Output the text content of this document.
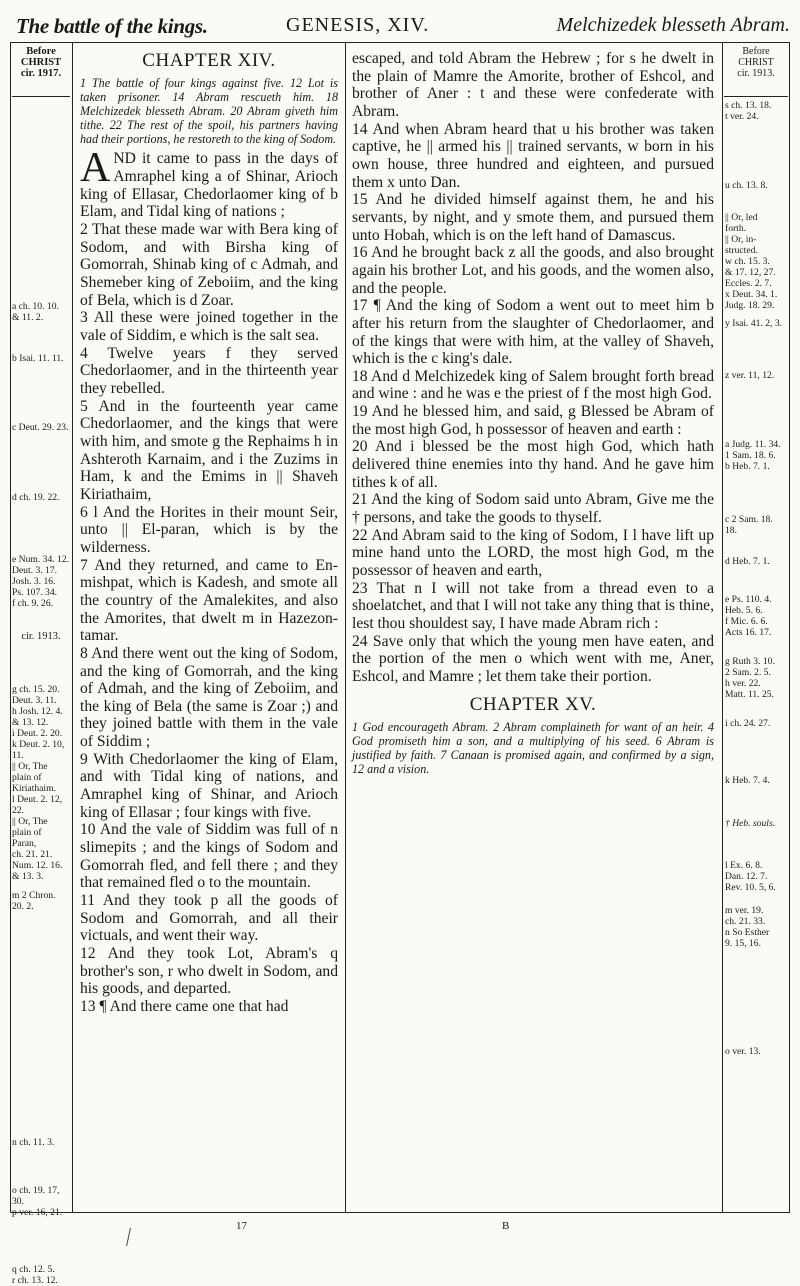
The battle of the kings.	GENESIS, XIV.	Melchizedek blesseth Abram.
Before
CHRIST
cir. 1917.
a ch. 10. 10.
& 11. 2.
b Isai. 11. 11.
c Deut. 29. 23.
d ch. 19. 22.
e Num. 34. 12.
Deut. 3. 17.
Josh. 3. 16.
Ps. 107. 34.
f ch. 9. 26.
cir. 1913.
g ch. 15. 20.
Deut. 3. 11.
h Josh. 12. 4.
& 13. 12.
i Deut. 2. 20.
k Deut. 2. 10,
11.
|| Or, The
plain of
Kiriathaim.
l Deut. 2. 12,
22.
|| Or, The
plain of
Paran,
ch. 21. 21.
Num. 12. 16.
& 13. 3.
m 2 Chron.
20. 2.
n ch. 11. 3.
o ch. 19. 17, 30.
p ver. 16, 21.
q ch. 12. 5.
r ch. 13. 12.
Before
CHRIST
cir. 1913.
s ch. 13. 18.
t ver. 24.
u ch. 13. 8.
|| Or, led
forth.
|| Or, in-
structed.
w ch. 15. 3.
& 17. 12, 27.
Eccles. 2. 7.
x Deut. 34. 1.
Judg. 18. 29.
y Isai. 41. 2, 3.
z ver. 11, 12.
a Judg. 11. 34.
1 Sam. 18. 6.
b Heb. 7. 1.
c 2 Sam. 18. 18.
d Heb. 7. 1.
e Ps. 110. 4.
Heb. 5. 6.
f Mic. 6. 6.
Acts 16. 17.
g Ruth 3. 10.
2 Sam. 2. 5.
h ver. 22.
Matt. 11. 25.
i ch. 24. 27.
k Heb. 7. 4.
† Heb. souls.
l Ex. 6. 8.
Dan. 12. 7.
Rev. 10. 5, 6.
m ver. 19.
ch. 21. 33.
n So Esther
9. 15, 16.
o ver. 13.
CHAPTER XIV.
1 The battle of four kings against five. 12 Lot is taken prisoner. 14 Abram rescueth him. 18 Melchizedek blesseth Abram. 20 Abram giveth him tithe. 22 The rest of the spoil, his partners having had their portions, he restoreth to the king of Sodom.

AND it came to pass in the days of Amraphel king a of Shinar, Arioch king of Ellasar, Chedorlaomer king of b Elam, and Tidal king of nations ;

2 That these made war with Bera king of Sodom, and with Birsha king of Gomorrah, Shinab king of c Admah, and Shemeber king of Zeboiim, and the king of Bela, which is d Zoar.

3 All these were joined together in the vale of Siddim, e which is the salt sea.

4 Twelve years f they served Chedorlaomer, and in the thirteenth year they rebelled.

5 And in the fourteenth year came Chedorlaomer, and the kings that were with him, and smote g the Rephaims h in Ashteroth Karnaim, and i the Zuzims in Ham, k and the Emims in || Shaveh Kiriathaim,

6 l And the Horites in their mount Seir, unto || El-paran, which is by the wilderness.

7 And they returned, and came to En-mishpat, which is Kadesh, and smote all the country of the Amalekites, and also the Amorites, that dwelt m in Hazezon-tamar.

8 And there went out the king of Sodom, and the king of Gomorrah, and the king of Admah, and the king of Zeboiim, and the king of Bela (the same is Zoar ;) and they joined battle with them in the vale of Siddim ;

9 With Chedorlaomer the king of Elam, and with Tidal king of nations, and Amraphel king of Shinar, and Arioch king of Ellasar ; four kings with five.

10 And the vale of Siddim was full of n slimepits ; and the kings of Sodom and Gomorrah fled, and fell there ; and they that remained fled o to the mountain.

11 And they took p all the goods of Sodom and Gomorrah, and all their victuals, and went their way.

12 And they took Lot, Abram's q brother's son, r who dwelt in Sodom, and his goods, and departed.

13 ¶ And there came one that had

escaped, and told Abram the Hebrew ; for s he dwelt in the plain of Mamre the Amorite, brother of Eshcol, and brother of Aner : t and these were confederate with Abram.

14 And when Abram heard that u his brother was taken captive, he || armed his || trained servants, w born in his own house, three hundred and eighteen, and pursued them x unto Dan.

15 And he divided himself against them, he and his servants, by night, and y smote them, and pursued them unto Hobah, which is on the left hand of Damascus.

16 And he brought back z all the goods, and also brought again his brother Lot, and his goods, and the women also, and the people.

17 ¶ And the king of Sodom a went out to meet him b after his return from the slaughter of Chedorlaomer, and of the kings that were with him, at the valley of Shaveh, which is the c king's dale.

18 And d Melchizedek king of Salem brought forth bread and wine : and he was e the priest of f the most high God.

19 And he blessed him, and said, g Blessed be Abram of the most high God, h possessor of heaven and earth :

20 And i blessed be the most high God, which hath delivered thine enemies into thy hand. And he gave him tithes k of all.

21 And the king of Sodom said unto Abram, Give me the † persons, and take the goods to thyself.

22 And Abram said to the king of Sodom, I l have lift up mine hand unto the LORD, the most high God, m the possessor of heaven and earth,

23 That n I will not take from a thread even to a shoelatchet, and that I will not take any thing that is thine, lest thou shouldest say, I have made Abram rich :

24 Save only that which the young men have eaten, and the portion of the men o which went with me, Aner, Eshcol, and Mamre ; let them take their portion.

CHAPTER XV.
1 God encourageth Abram. 2 Abram complaineth for want of an heir. 4 God promiseth him a son, and a multiplying of his seed. 6 Abram is justified by faith. 7 Canaan is promised again, and confirmed by a sign, 12 and a vision.
17	B
